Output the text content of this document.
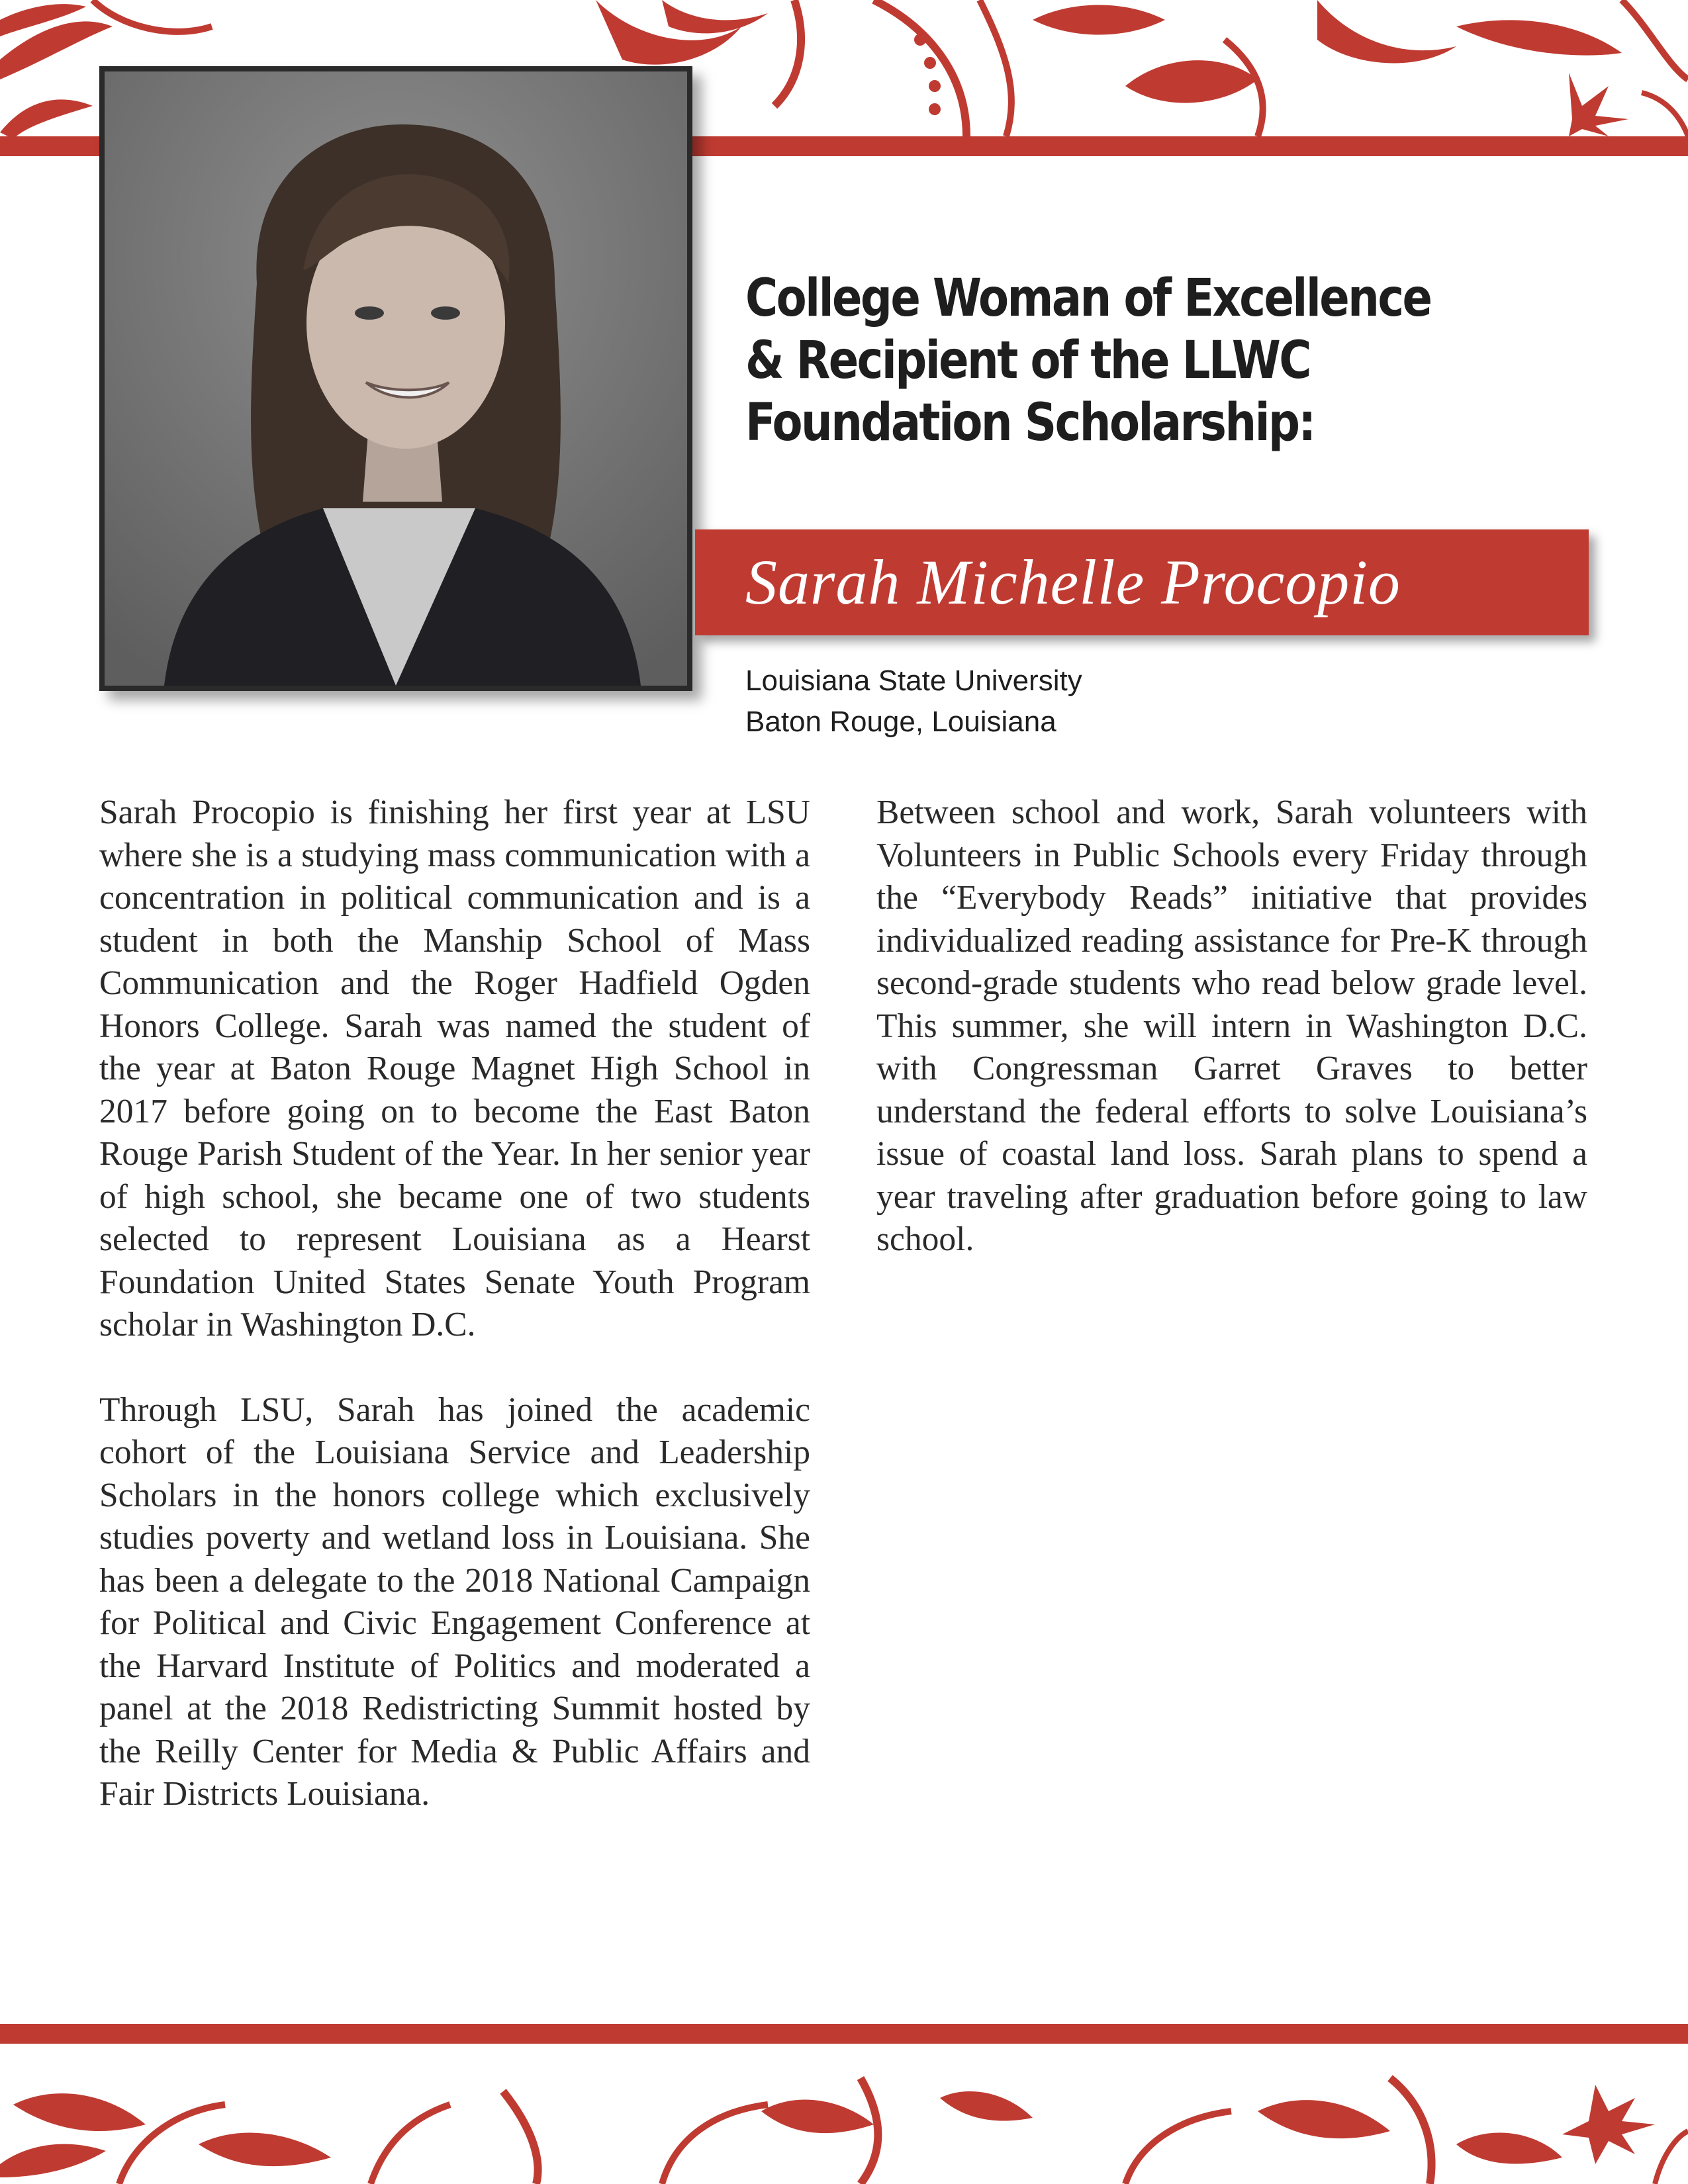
College Woman of Excellence
& Recipient of the LLWC
Foundation Scholarship:
Sarah Michelle Procopio
Louisiana State University
Baton Rouge, Louisiana

Sarah Procopio is finishing her first year at LSU where she is a studying mass communication with a concentration in political communication and is a student in both the Manship School of Mass Communication and the Roger Hadfield Ogden Honors College. Sarah was named the student of the year at Baton Rouge Magnet High School in 2017 before going on to become the East Baton Rouge Parish Student of the Year. In her senior year of high school, she became one of two students selected to represent Louisiana as a Hearst Foundation United States Senate Youth Program scholar in Washington D.C.

Through LSU, Sarah has joined the academic cohort of the Louisiana Service and Leadership Scholars in the honors college which exclusively studies poverty and wetland loss in Louisiana. She has been a delegate to the 2018 National Campaign for Political and Civic Engagement Conference at the Harvard Institute of Politics and moderated a panel at the 2018 Redistricting Summit hosted by the Reilly Center for Media & Public Affairs and Fair Districts Louisiana.

Between school and work, Sarah volunteers with Volunteers in Public Schools every Friday through the “Everybody Reads” initiative that provides individualized reading assistance for Pre-K through second-grade students who read below grade level. This summer, she will intern in Washington D.C. with Congressman Garret Graves to better understand the federal efforts to solve Louisiana’s issue of coastal land loss. Sarah plans to spend a year traveling after graduation before going to law school.
